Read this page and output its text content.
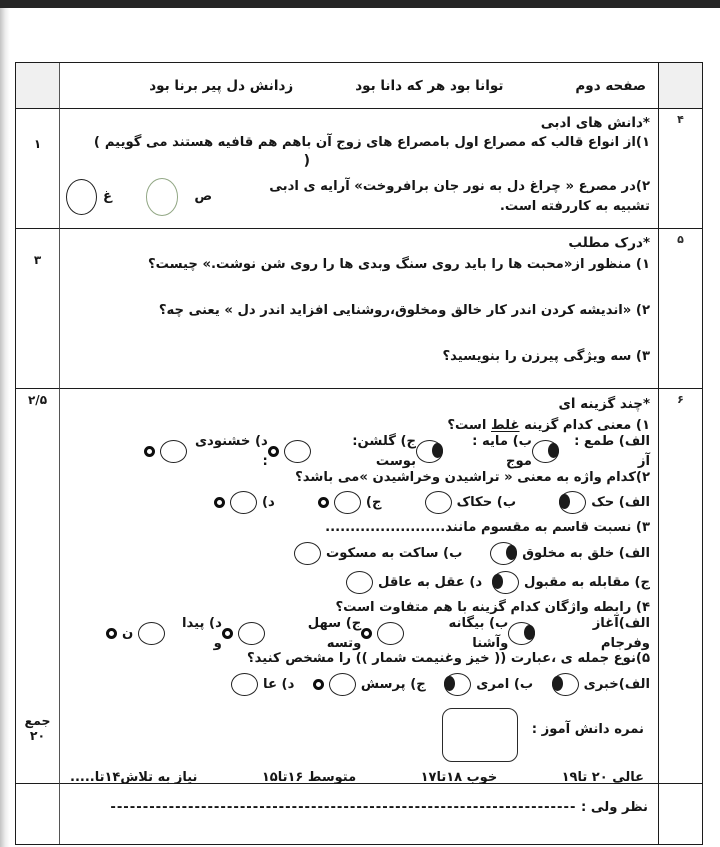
صفحه دوم
توانا بود هر که دانا بود
زدانش دل پیر برنا بود
۴
*دانش های ادبی
۱)از انواع قالب که مصراع اول بامصراع های زوج آن باهم هم قافیه هستند می گوییم
(
)
۲)در مصرع « چراغ دل به نور جان برافروخت» آرایه ی ادبی تشبیه به کاررفته است.
ص
غ
۱
۵
*درک مطلب

۱) منظور از«محبت ها را باید روی سنگ وبدی ها را روی شن نوشت.» چیست؟

۲) «اندیشه کردن اندر کار خالق ومخلوق،روشنایی افزاید اندر دل » یعنی چه؟

۳) سه ویژگی پیرزن را بنویسید؟

۳
۶
*چند گزینه ای
۱) معنی کدام گزینه غلط است؟
الف) طمع : آز
ب) مایه : موج
ج) گلشن: بوست
د) خشنودی :
۲)کدام واژه به معنی « تراشیدن وخراشیدن »می باشد؟
الف) حک
ب) حکاک
ج)
د)
۳) نسبت قاسم به مقسوم مانند........................
الف) خلق به مخلوق
ب) ساکت به مسکوت
ج) مقابله به مقبول
د) عقل به عاقل
۴) رابطه واژگان کدام گزینه با هم متفاوت است؟
الف)آغاز وفرجام
ب) بیگانه وآشنا
ج) سهل وتسه
د) پیدا و
ن
۵)نوع جمله ی ،عبارت (( خیز وغنیمت شمار )) را مشخص کنید؟
الف)خبری
ب) امری
ج) پرسش
د) عا
نمره دانش آموز :
عالی ۲۰ تا۱۹
خوب ۱۸تا۱۷
متوسط ۱۶تا۱۵
نیاز به تلاش۱۴تا.....
۲/۵
جمع
۲۰
نظر ولی : ------------------------------------------------------------------------
